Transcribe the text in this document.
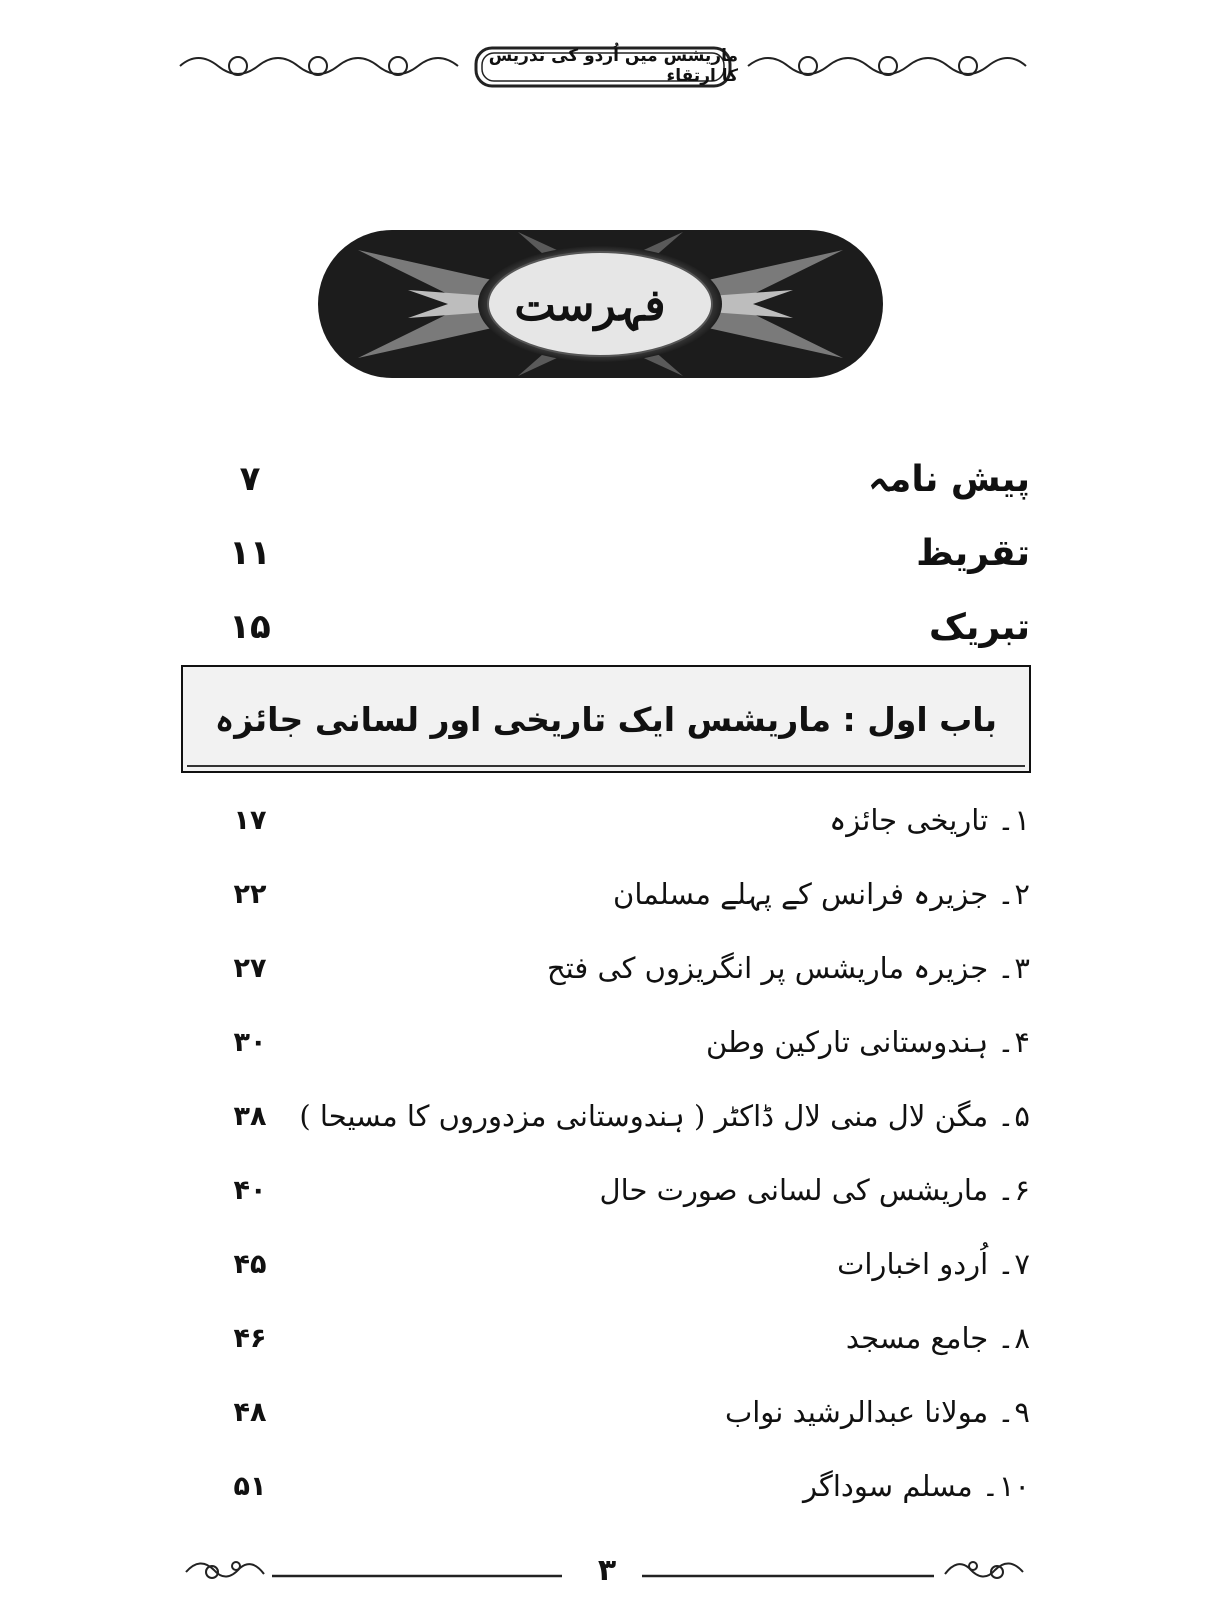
ماریشس میں اُردو کی تدریس کا ارتقاء
فہرست
پیش نامہ
۷
تقریظ
۱۱
تبریک
۱۵
باب اول : ماریشس ایک تاریخی اور لسانی جائزہ
۱۔ تاریخی جائزہ
۱۷
۲۔ جزیرہ فرانس کے پہلے مسلمان
۲۲
۳۔ جزیرہ ماریشس پر انگریزوں کی فتح
۲۷
۴۔ ہندوستانی تارکین وطن
۳۰
۵۔ مگن لال منی لال ڈاکٹر ( ہندوستانی مزدوروں کا مسیحا )
۳۸
۶۔ ماریشس کی لسانی صورت حال
۴۰
۷۔ اُردو اخبارات
۴۵
۸۔ جامع مسجد
۴۶
۹۔ مولانا عبدالرشید نواب
۴۸
۱۰۔ مسلم سوداگر
۵۱
۳
